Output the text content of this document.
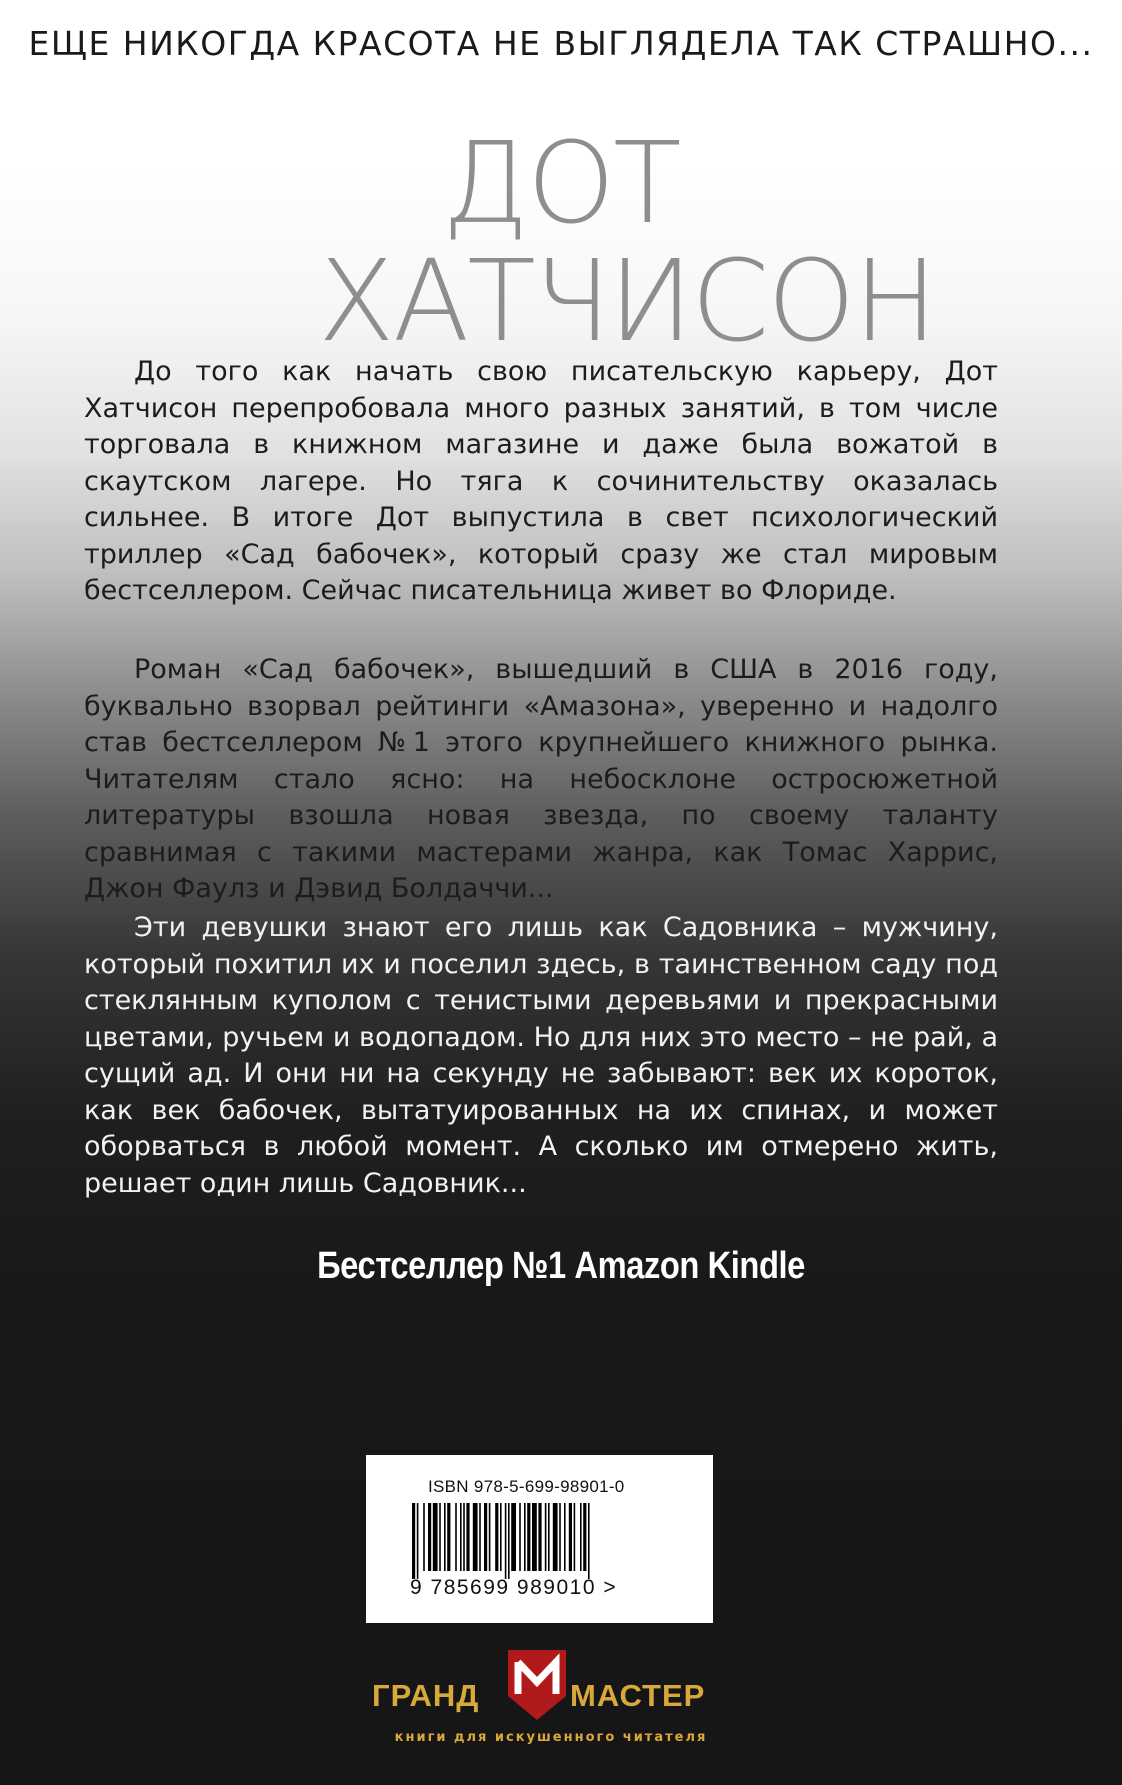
ЕЩЕ НИКОГДА КРАСОТА НЕ ВЫГЛЯДЕЛА ТАК СТРАШНО...
ДОТ
ХАТЧИСОН

До того как начать свою писательскую карьеру, Дот Хатчисон перепробовала много разных занятий, в том числе торговала в книжном магазине и даже была вожатой в скаутском лагере. Но тяга к сочинительству оказалась сильнее. В итоге Дот выпустила в свет психологический триллер «Сад бабочек», который сразу же стал мировым бестселлером. Сейчас писательница живет во Флориде.

Роман «Сад бабочек», вышедший в США в 2016 году, буквально взорвал рейтинги «Амазона», уверенно и надолго став бестселлером №1 этого крупнейшего книжного рынка. Читателям стало ясно: на небосклоне остросюжетной литературы взошла новая звезда, по своему таланту сравнимая с такими мастерами жанра, как Томас Харрис, Джон Фаулз и Дэвид Болдаччи...

Эти девушки знают его лишь как Садовника – мужчину, который похитил их и поселил здесь, в таинственном саду под стеклянным куполом с тенистыми деревьями и прекрасными цветами, ручьем и водопадом. Но для них это место – не рай, а сущий ад. И они ни на секунду не забывают: век их короток, как век бабочек, вытатуированных на их спинах, и может оборваться в любой момент. А сколько им отмерено жить, решает один лишь Садовник...

Бестселлер №1 Amazon Kindle
ISBN 978-5-699-98901-0
9 785699 989010 >
ГРАНД	МАСТЕР
книги для искушенного читателя
